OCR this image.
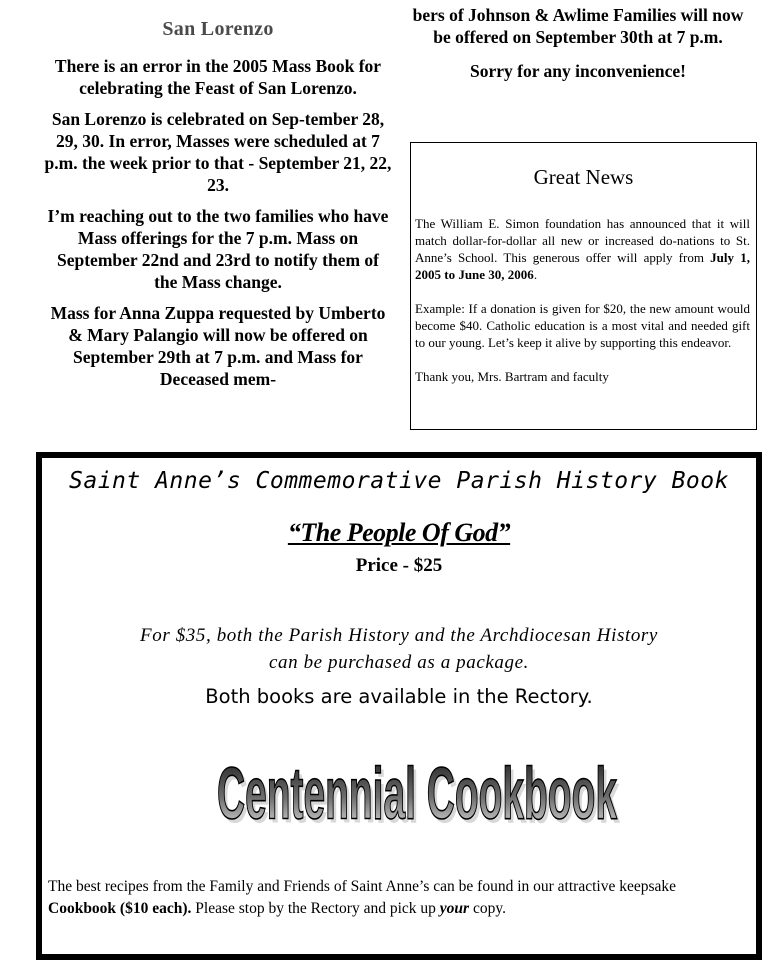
San Lorenzo

There is an error in the 2005 Mass Book for celebrating the Feast of San Lorenzo.

San Lorenzo is celebrated on Sep-tember 28, 29, 30. In error, Masses were scheduled at 7 p.m. the week prior to that - September 21, 22, 23.

I’m reaching out to the two families who have Mass offerings for the 7 p.m. Mass on September 22nd and 23rd to notify them of the Mass change.

Mass for Anna Zuppa requested by Umberto & Mary Palangio will now be offered on September 29th at 7 p.m. and Mass for Deceased mem-

bers of Johnson & Awlime Families will now be offered on September 30th at 7 p.m.

Sorry for any inconvenience!

Great News

The William E. Simon foundation has announced that it will match dollar-for-dollar all new or increased do-nations to St. Anne’s School. This generous offer will apply from July 1, 2005 to June 30, 2006.

Example: If a donation is given for $20, the new amount would become $40. Catholic education is a most vital and needed gift to our young. Let’s keep it alive by supporting this endeavor.

Thank you, Mrs. Bartram and faculty

Saint Anne’s Commemorative Parish History Book
“The People Of God”
Price - $25
For $35, both the Parish History and the Archdiocesan History
can be purchased as a package.
Both books are available in the Rectory.
Centennial Cookbook
Centennial Cookbook
The best recipes from the Family and Friends of Saint Anne’s can be found in our attractive keepsake Cookbook ($10 each). Please stop by the Rectory and pick up your copy.
